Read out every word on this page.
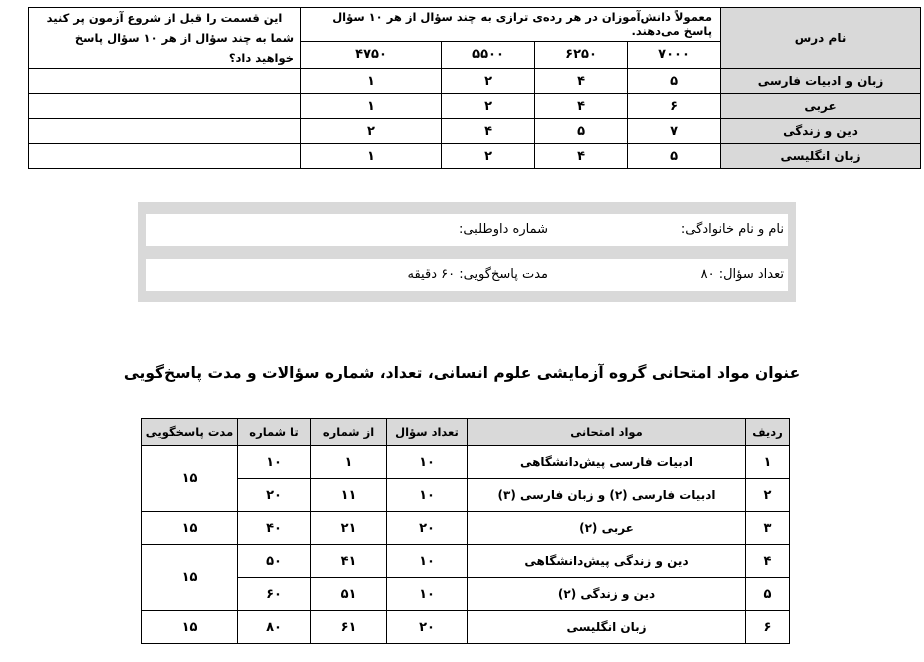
نام درس	معمولاً دانش‌آموزان در هر رده‌ی ترازی به چند سؤال از هر ۱۰ سؤال پاسخ می‌دهند.				این قسمت را قبل از شروع آزمون پر کنید
شما به چند سؤال از هر ۱۰ سؤال پاسخ خواهید داد؟

	۷۰۰۰	۶۲۵۰	۵۵۰۰	۴۷۵۰	
زبان و ادبیات فارسی	۵	۴	۲	۱	
عربی	۶	۴	۲	۱	
دین و زندگی	۷	۵	۴	۲	
زبان انگلیسی	۵	۴	۲	۱	
نام و نام خانوادگی:
شماره داوطلبی:
تعداد سؤال: ۸۰
مدت پاسخ‌گویی: ۶۰ دقیقه
عنوان مواد امتحانی گروه آزمایشی علوم انسانی، تعداد، شماره سؤالات و مدت پاسخ‌گویی
ردیف	مواد امتحانی	تعداد سؤال	از شماره	تا شماره	مدت پاسخگویی
۱	ادبیات فارسی پیش‌دانشگاهی	۱۰	۱	۱۰	۱۵
۲	ادبیات فارسی (۲) و زبان فارسی (۳)	۱۰	۱۱	۲۰	
۳	عربی (۲)	۲۰	۲۱	۴۰	۱۵
۴	دین و زندگی پیش‌دانشگاهی	۱۰	۴۱	۵۰	۱۵
۵	دین و زندگی (۲)	۱۰	۵۱	۶۰	
۶	زبان انگلیسی	۲۰	۶۱	۸۰	۱۵
